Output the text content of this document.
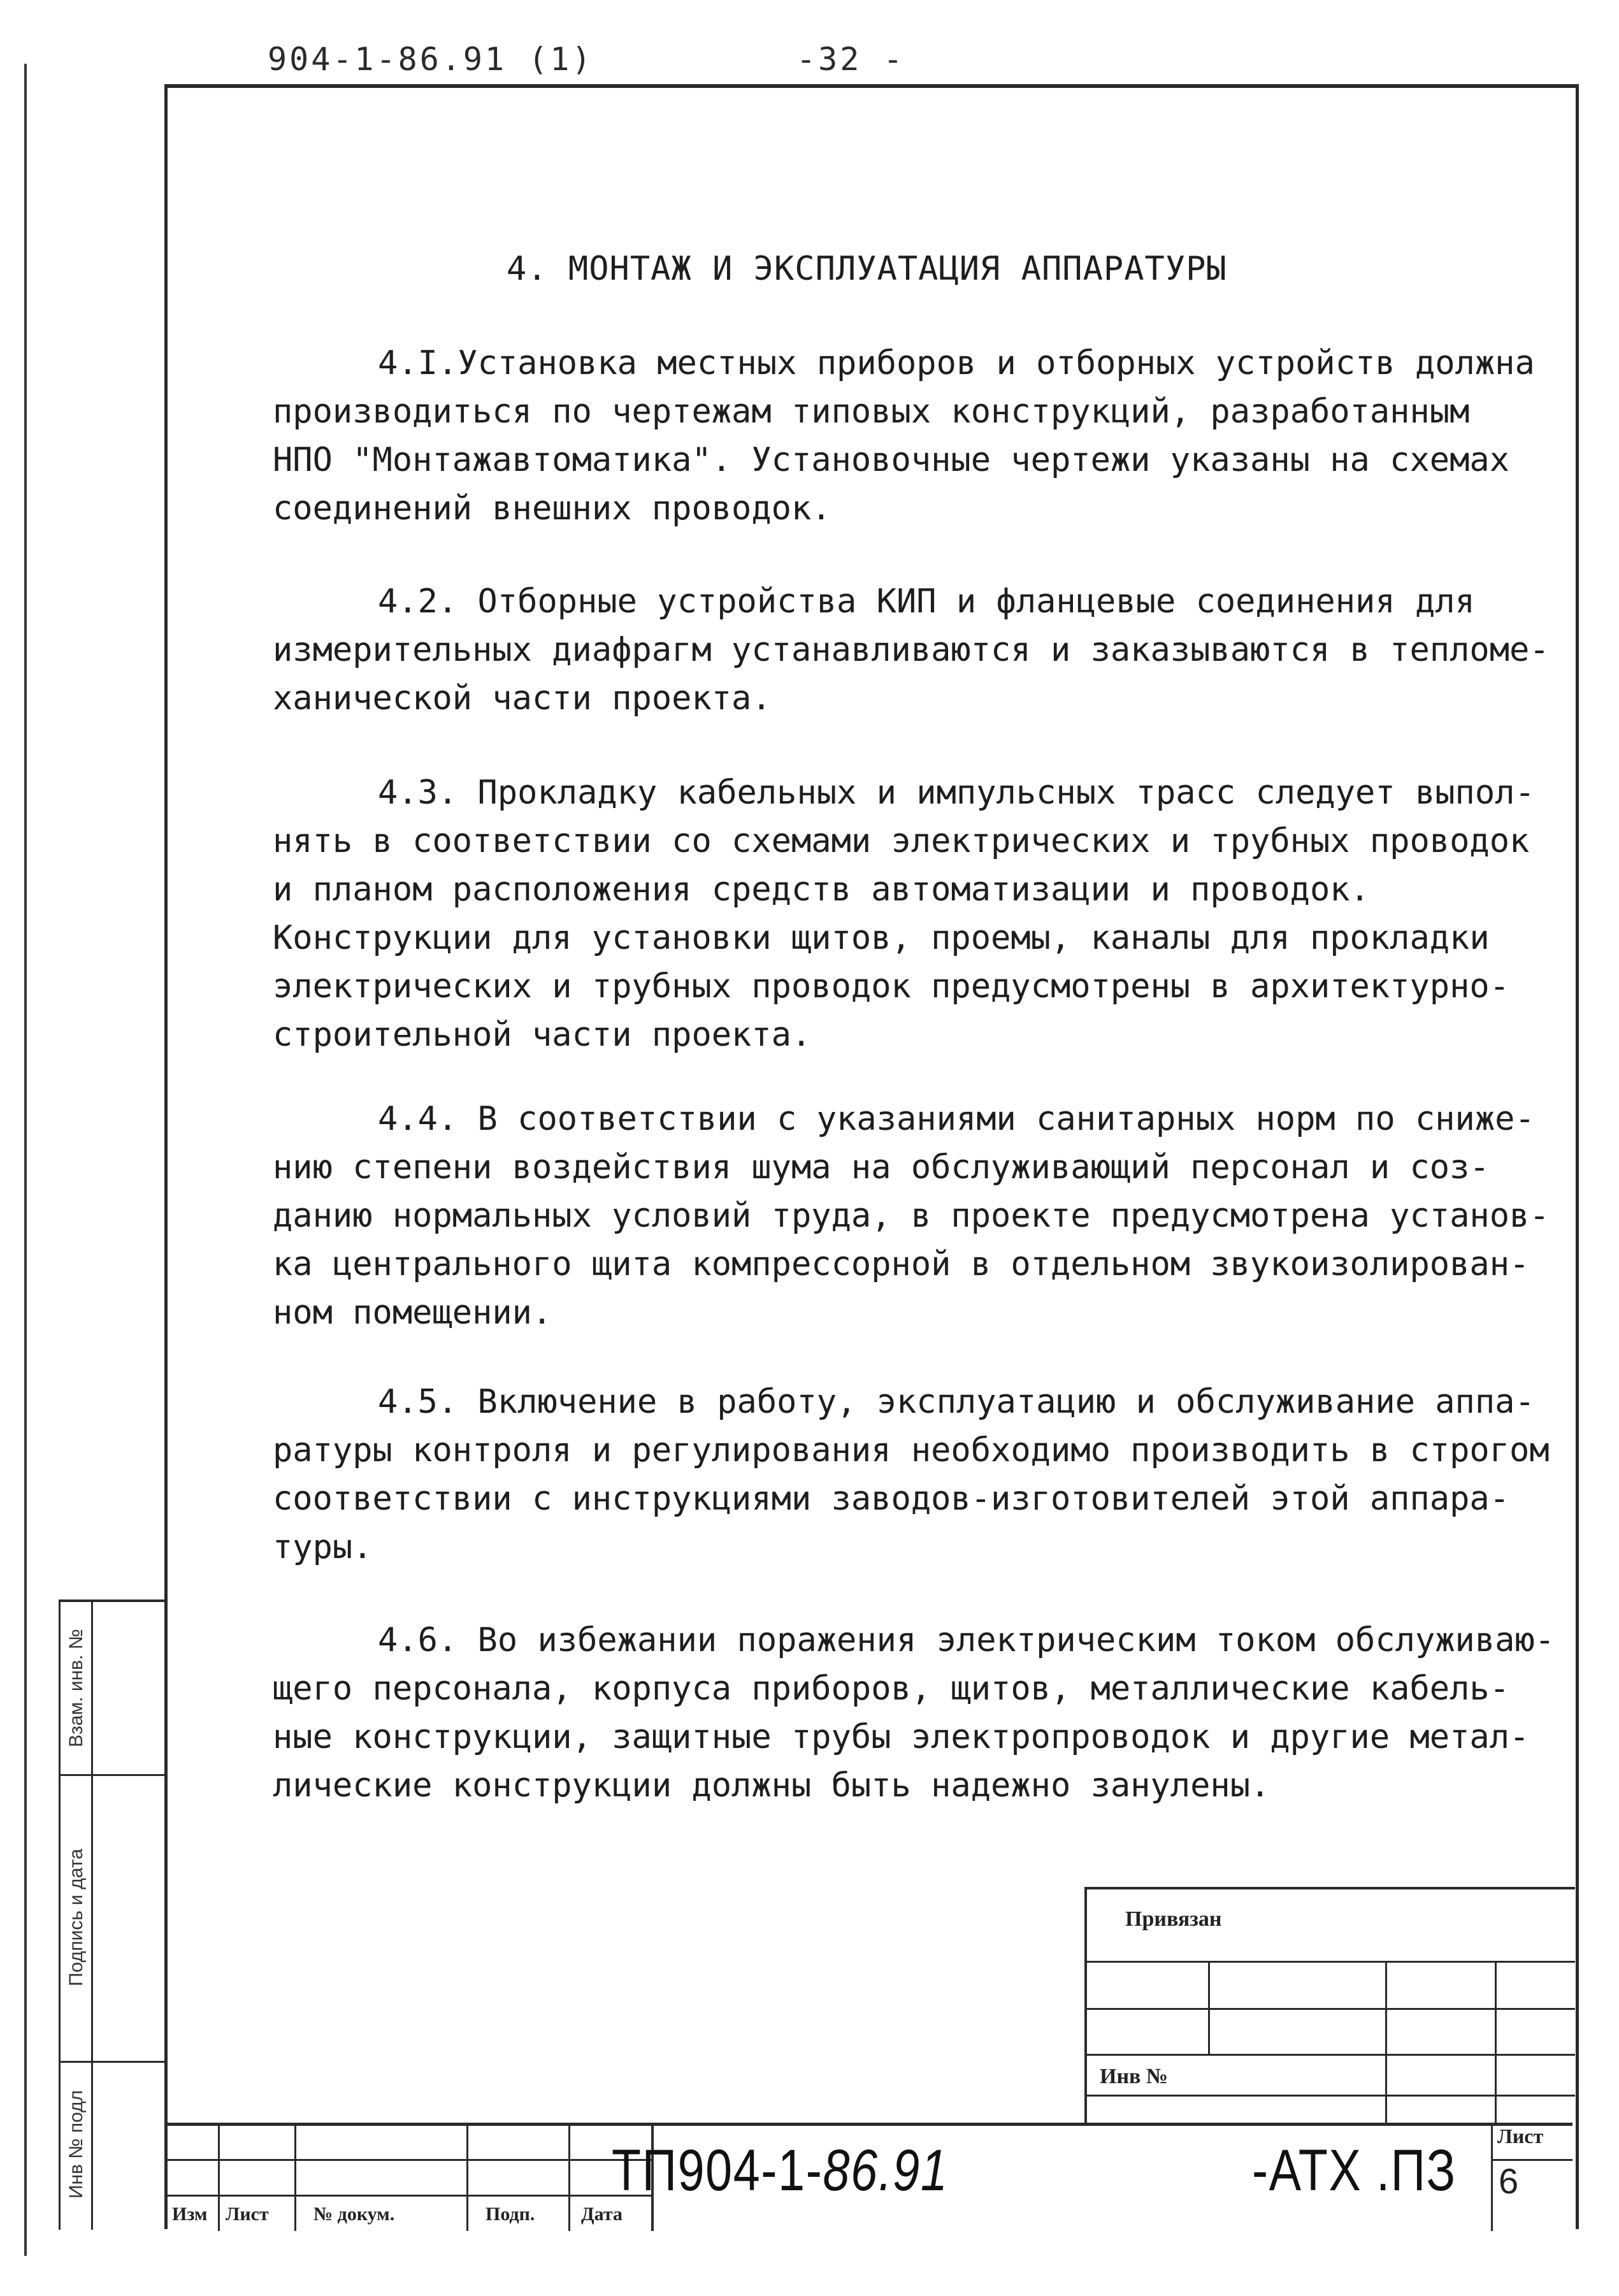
904-1-86.91 (1)	-32 -
4. МОНТАЖ И ЭКСПЛУАТАЦИЯ АППАРАТУРЫ
4.I.Установка местных приборов и отборных устройств должна
производиться по чертежам типовых конструкций, разработанным
НПО "Монтажавтоматика". Установочные чертежи указаны на схемах
соединений внешних проводок.
4.2. Отборные устройства КИП и фланцевые соединения для
измерительных диафрагм устанавливаются и заказываются в тепломе-
ханической части проекта.
4.3. Прокладку кабельных и импульсных трасс следует выпол-
нять в соответствии со схемами электрических и трубных проводок
и планом расположения средств автоматизации и проводок.
Конструкции для установки щитов, проемы, каналы для прокладки
электрических и трубных проводок предусмотрены в архитектурно-
строительной части проекта.
4.4. В соответствии с указаниями санитарных норм по сниже-
нию степени воздействия шума на обслуживающий персонал и соз-
данию нормальных условий труда, в проекте предусмотрена установ-
ка центрального щита компрессорной в отдельном звукоизолирован-
ном помещении.
4.5. Включение в работу, эксплуатацию и обслуживание аппа-
ратуры контроля и регулирования необходимо производить в строгом
соответствии с инструкциями заводов-изготовителей этой аппара-
туры.
4.6. Во избежании поражения электрическим током обслуживаю-
щего персонала, корпуса приборов, щитов, металлические кабель-
ные конструкции, защитные трубы электропроводок и другие метал-
лические конструкции должны быть надежно занулены.
Взам. инв. №
Подпись и дата
Инв № подл
Привязан
Инв №
Изм Лист № докум.	Подп. Дата
ТП904-1-86.91	-АТХ .ПЗ
Лист
6
